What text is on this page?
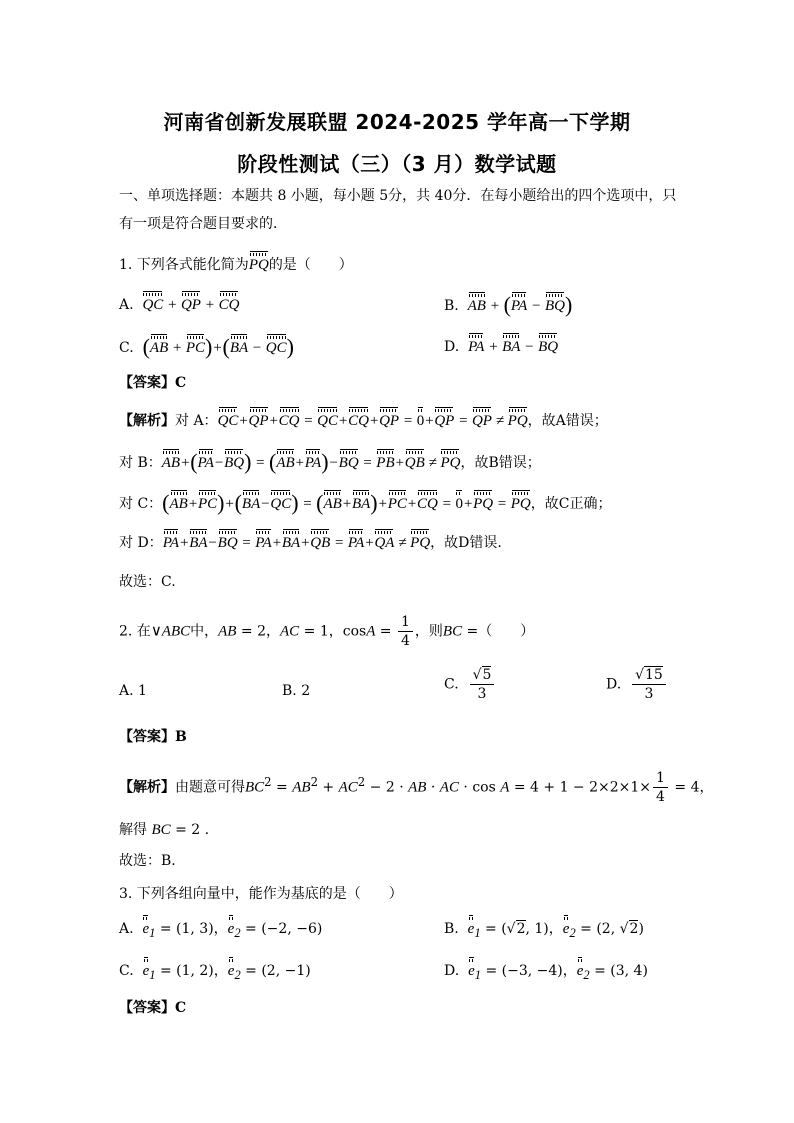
河南省创新发展联盟 2024-2025 学年高一下学期
阶段性测试（三）（3 月）数学试题
一、单项选择题：本题共 8 小题，每小题 5分，共 40分．在每小题给出的四个选项中，只
有一项是符合题目要求的．
1. 下列各式能化简为PQ的是（　　）
A.  QC + QP + CQ	B.  AB + (PA − BQ)
C.  (AB + PC)+(BA − QC)	D.  PA + BA − BQ
【答案】C
【解析】对 A：QC+QP+CQ = QC+CQ+QP = 0+QP = QP ≠ PQ，故A错误；
对 B：AB+(PA−BQ) = (AB+PA)−BQ = PB+QB ≠ PQ，故B错误；
对 C：(AB+PC)+(BA−QC) = (AB+BA)+PC+CQ = 0+PQ = PQ，故C正确；
对 D：PA+BA−BQ = PA+BA+QB = PA+QA ≠ PQ，故D错误.
故选：C.
2. 在∨ABC中，AB = 2，AC = 1，$\cos A = \frac{1}{4}$ ，则BC =（　　）
A. 1	B. 2	C. $\frac{√5}{3}$	D. $\frac{√15}{3}$
【答案】B
【解析】由题意可得$BC^2 = AB^2 + AC^2 - 2$ · AB · AC · $\cos A = 4 + 1 - 2\times 2\times 1\times \frac{1}{4} = 4$，
解得 BC = 2 .
故选：B.
3. 下列各组向量中，能作为基底的是（　　）
A.  $e_1 = (1$, 3)，$e_2 = (-2$, −6)	B.  $e_1 = (√2$, 1)，$e_2 = (2$, √2)
C.  $e_1 = (1$, 2)，$e_2 = (2$, −1)	D.  $e_1 = (-3$, −4)，$e_2 = (3$, 4)
【答案】C
